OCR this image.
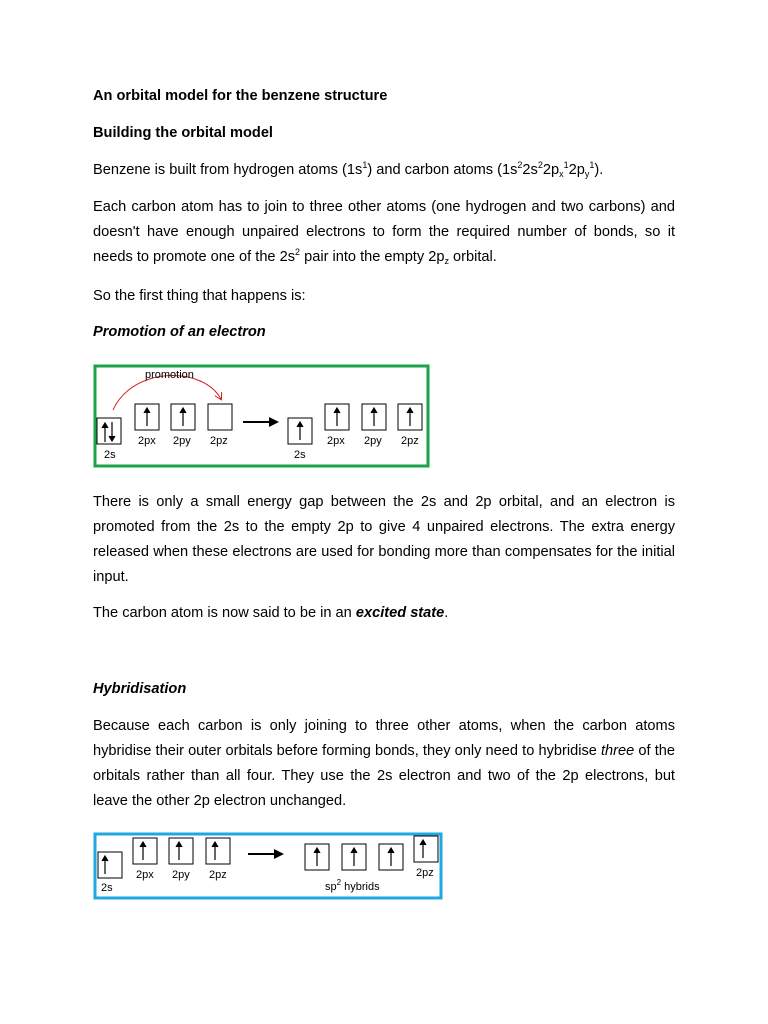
An orbital model for the benzene structure
Building the orbital model
Benzene is built from hydrogen atoms $(1s^1)$ and carbon atoms $(1s^22s^22p_x^12p_y^1)$.
Each carbon atom has to join to three other atoms (one hydrogen and two carbons) and doesn't have enough unpaired electrons to form the required number of bonds, so it needs to promote one of the $2s^2$ pair into the empty $2p_z$ orbital.
So the first thing that happens is:
Promotion of an electron
There is only a small energy gap between the 2s and 2p orbital, and an electron is promoted from the 2s to the empty 2p to give 4 unpaired electrons. The extra energy released when these electrons are used for bonding more than compensates for the initial input.
The carbon atom is now said to be in an excited state.
Hybridisation
Because each carbon is only joining to three other atoms, when the carbon atoms hybridise their outer orbitals before forming bonds, they only need to hybridise three of the orbitals rather than all four. They use the 2s electron and two of the 2p electrons, but leave the other 2p electron unchanged.
promotion
2s
2px 2py 2pz
2s
2px 2py 2pz
2s
2px 2py 2pz
$sp^2$ hybrids
2pz
